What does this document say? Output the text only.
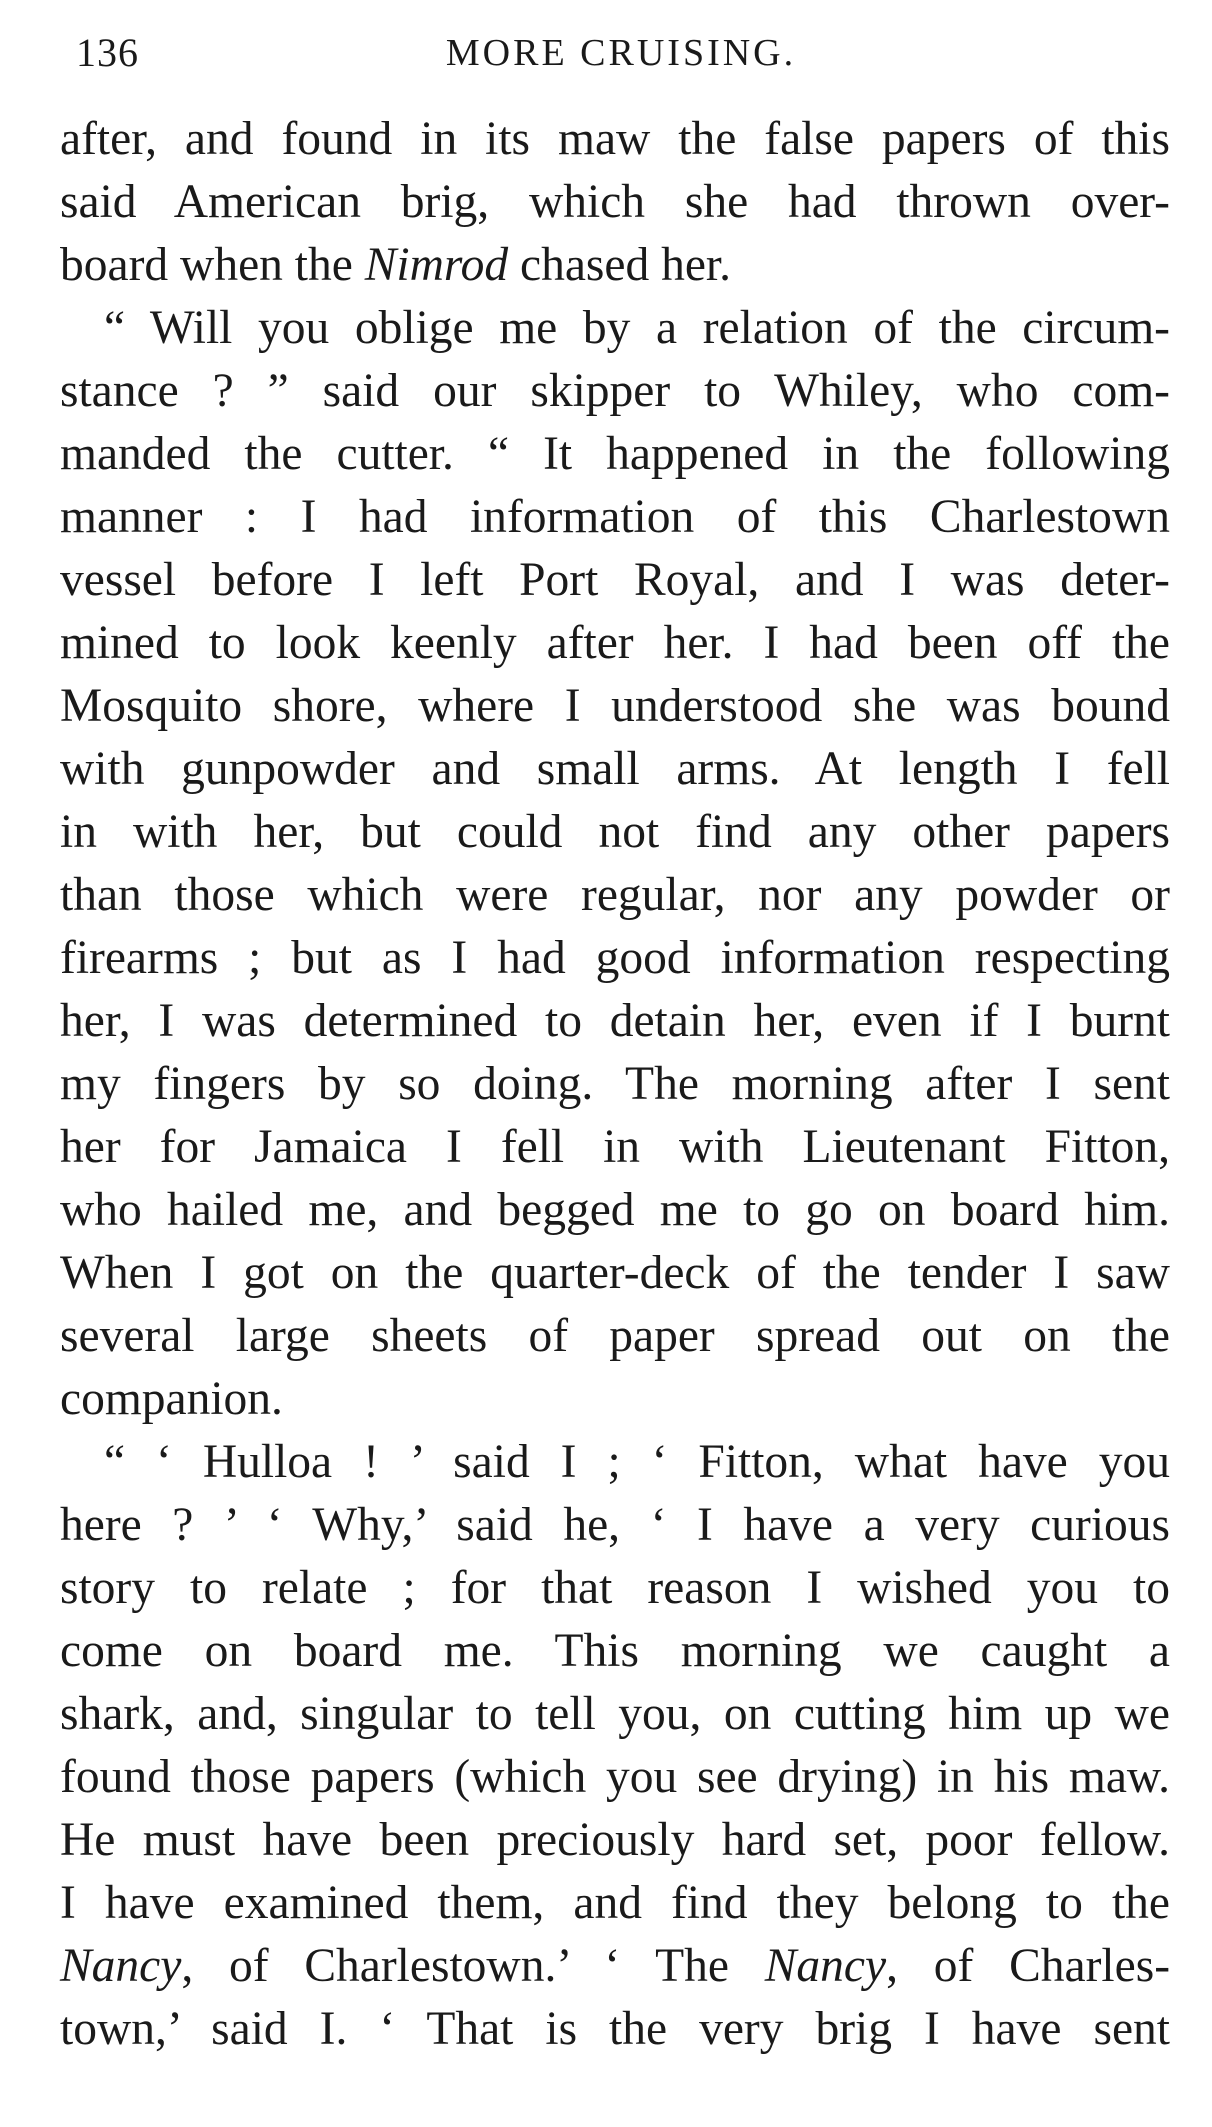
136	MORE CRUISING.
after, and found in its maw the false papers of this
said American brig, which she had thrown over-
board when the Nimrod chased her.
“ Will you oblige me by a relation of the circum-
stance ? ” said our skipper to Whiley, who com-
manded the cutter. “ It happened in the following
manner : I had information of this Charlestown
vessel before I left Port Royal, and I was deter-
mined to look keenly after her. I had been off the
Mosquito shore, where I understood she was bound
with gunpowder and small arms. At length I fell
in with her, but could not find any other papers
than those which were regular, nor any powder or
firearms ; but as I had good information respecting
her, I was determined to detain her, even if I burnt
my fingers by so doing. The morning after I sent
her for Jamaica I fell in with Lieutenant Fitton,
who hailed me, and begged me to go on board him.
When I got on the quarter-deck of the tender I saw
several large sheets of paper spread out on the
companion.
“ ‘ Hulloa ! ’ said I ; ‘ Fitton, what have you
here ? ’ ‘ Why,’ said he, ‘ I have a very curious
story to relate ; for that reason I wished you to
come on board me. This morning we caught a
shark, and, singular to tell you, on cutting him up we
found those papers (which you see drying) in his maw.
He must have been preciously hard set, poor fellow.
I have examined them, and find they belong to the
Nancy, of Charlestown.’ ‘ The Nancy, of Charles-
town,’ said I. ‘ That is the very brig I have sent
